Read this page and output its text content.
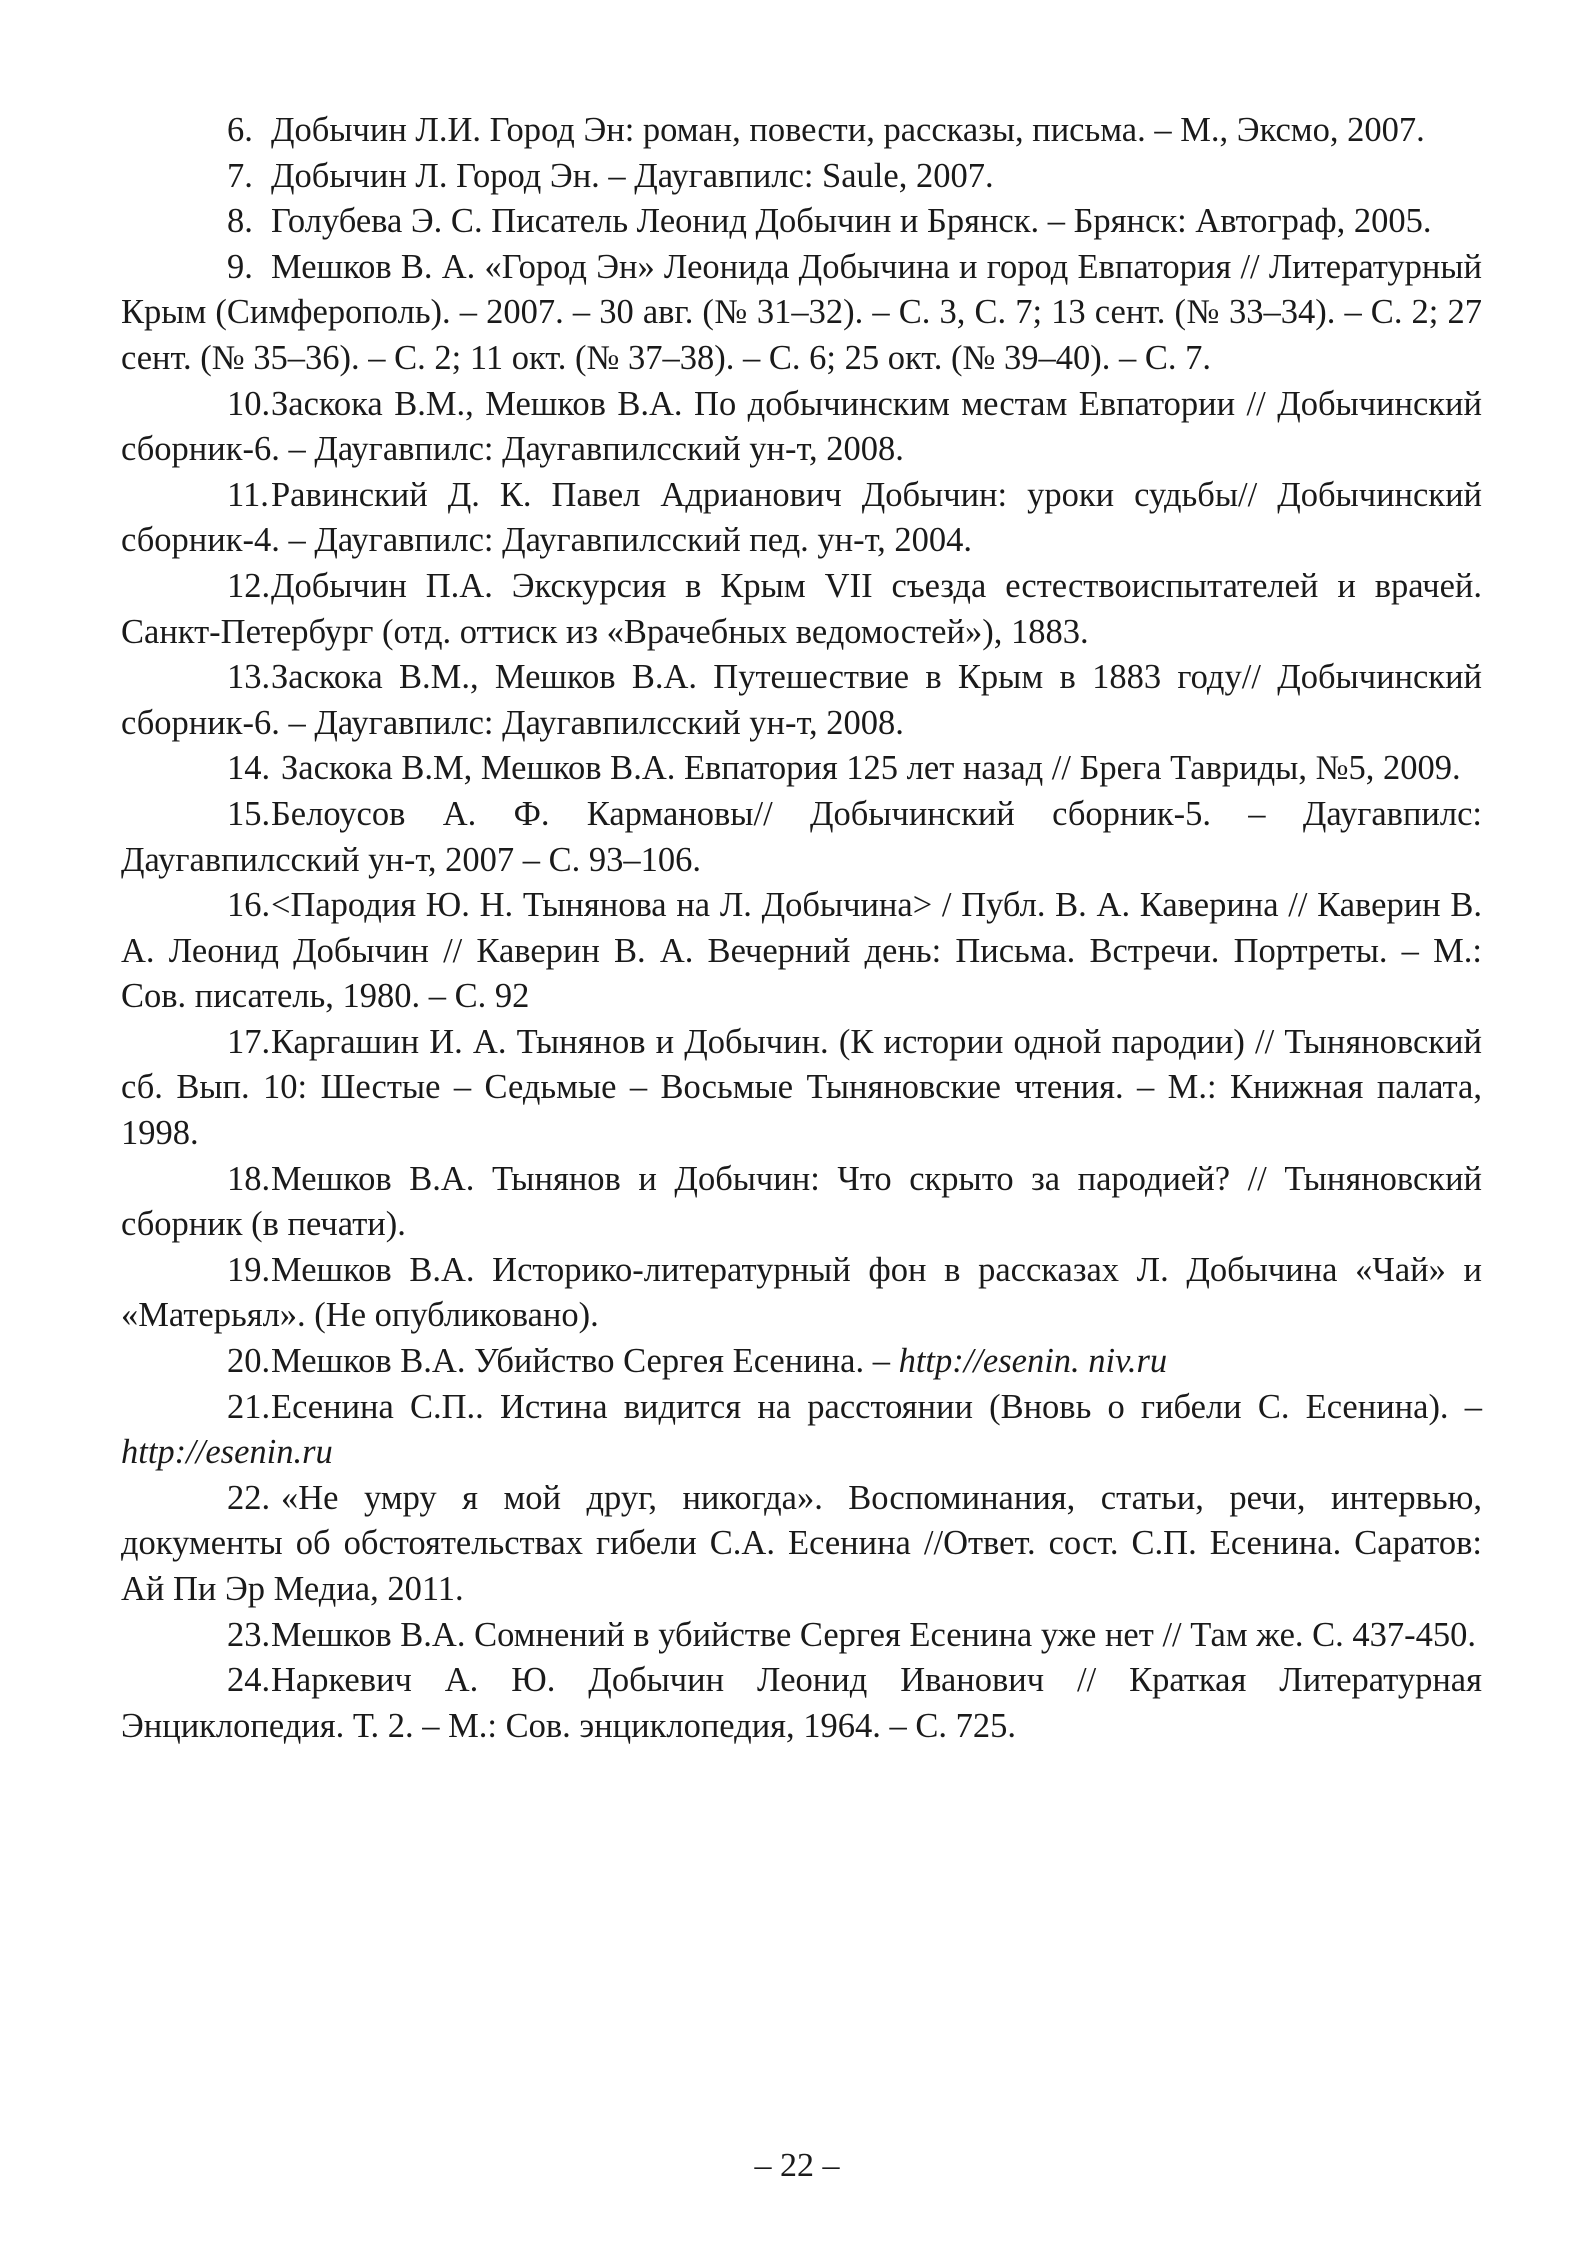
6. Добычин Л.И. Город Эн: роман, повести, рассказы, письма. – М., Эксмо, 2007.

7. Добычин Л. Город Эн. – Даугавпилс: Saule, 2007.

8. Голубева Э. С. Писатель Леонид Добычин и Брянск. – Брянск: Автограф, 2005.

9. Мешков В. А. «Город Эн» Леонида Добычина и город Евпатория // Литературный Крым (Симферополь). – 2007. – 30 авг. (№ 31–32). – С. 3, С. 7; 13 сент. (№ 33–34). – С. 2; 27 сент. (№ 35–36). – С. 2; 11 окт. (№ 37–38). – С. 6; 25 окт. (№ 39–40). – С. 7.

10.Заскока В.М., Мешков В.А. По добычинским местам Евпатории // Добычинский сборник-6. – Даугавпилс: Даугавпилсский ун-т, 2008.

11.Равинский Д. К. Павел Адрианович Добычин: уроки судьбы// Добычинский сборник-4. – Даугавпилс: Даугавпилсский пед. ун-т, 2004.

12.Добычин П.А. Экскурсия в Крым VII съезда естествоиспытателей и врачей. Санкт-Петербург (отд. оттиск из «Врачебных ведомостей»), 1883.

13.Заскока В.М., Мешков В.А. Путешествие в Крым в 1883 году// Добычинский сборник-6. – Даугавпилс: Даугавпилсский ун-т, 2008.

14. Заскока В.М, Мешков В.А. Евпатория 125 лет назад // Брега Тавриды, №5, 2009.

15.Белоусов А. Ф. Кармановы// Добычинский сборник-5. – Даугавпилс: Даугавпилсский ун-т, 2007 – С. 93–106.

16.<Пародия Ю. Н. Тынянова на Л. Добычина> / Публ. В. А. Каверина // Каверин В. А. Леонид Добычин // Каверин В. А. Вечерний день: Письма. Встречи. Портреты. – М.: Сов. писатель, 1980. – С. 92

17.Каргашин И. А. Тынянов и Добычин. (К истории одной пародии) // Тыняновский сб. Вып. 10: Шестые – Седьмые – Восьмые Тыняновские чтения. – М.: Книжная палата, 1998.

18.Мешков В.А. Тынянов и Добычин: Что скрыто за пародией? // Тыняновский сборник (в печати).

19.Мешков В.А. Историко-литературный фон в рассказах Л. Добычина «Чай» и «Матерьял». (Не опубликовано).

20.Мешков В.А. Убийство Сергея Есенина. – http://esenin. niv.ru

21.Есенина С.П.. Истина видится на расстоянии (Вновь о гибели С. Есенина). – http://esenin.ru

22. «Не умру я мой друг, никогда». Воспоминания, статьи, речи, интервью, документы об обстоятельствах гибели С.А. Есенина //Ответ. сост. С.П. Есенина. Саратов: Ай Пи Эр Медиа, 2011.

23.Мешков В.А. Сомнений в убийстве Сергея Есенина уже нет // Там же. С. 437-450.

24.Наркевич А. Ю. Добычин Леонид Иванович // Краткая Литературная Энциклопедия. Т. 2. – М.: Сов. энциклопедия, 1964. – С. 725.

– 22 –
